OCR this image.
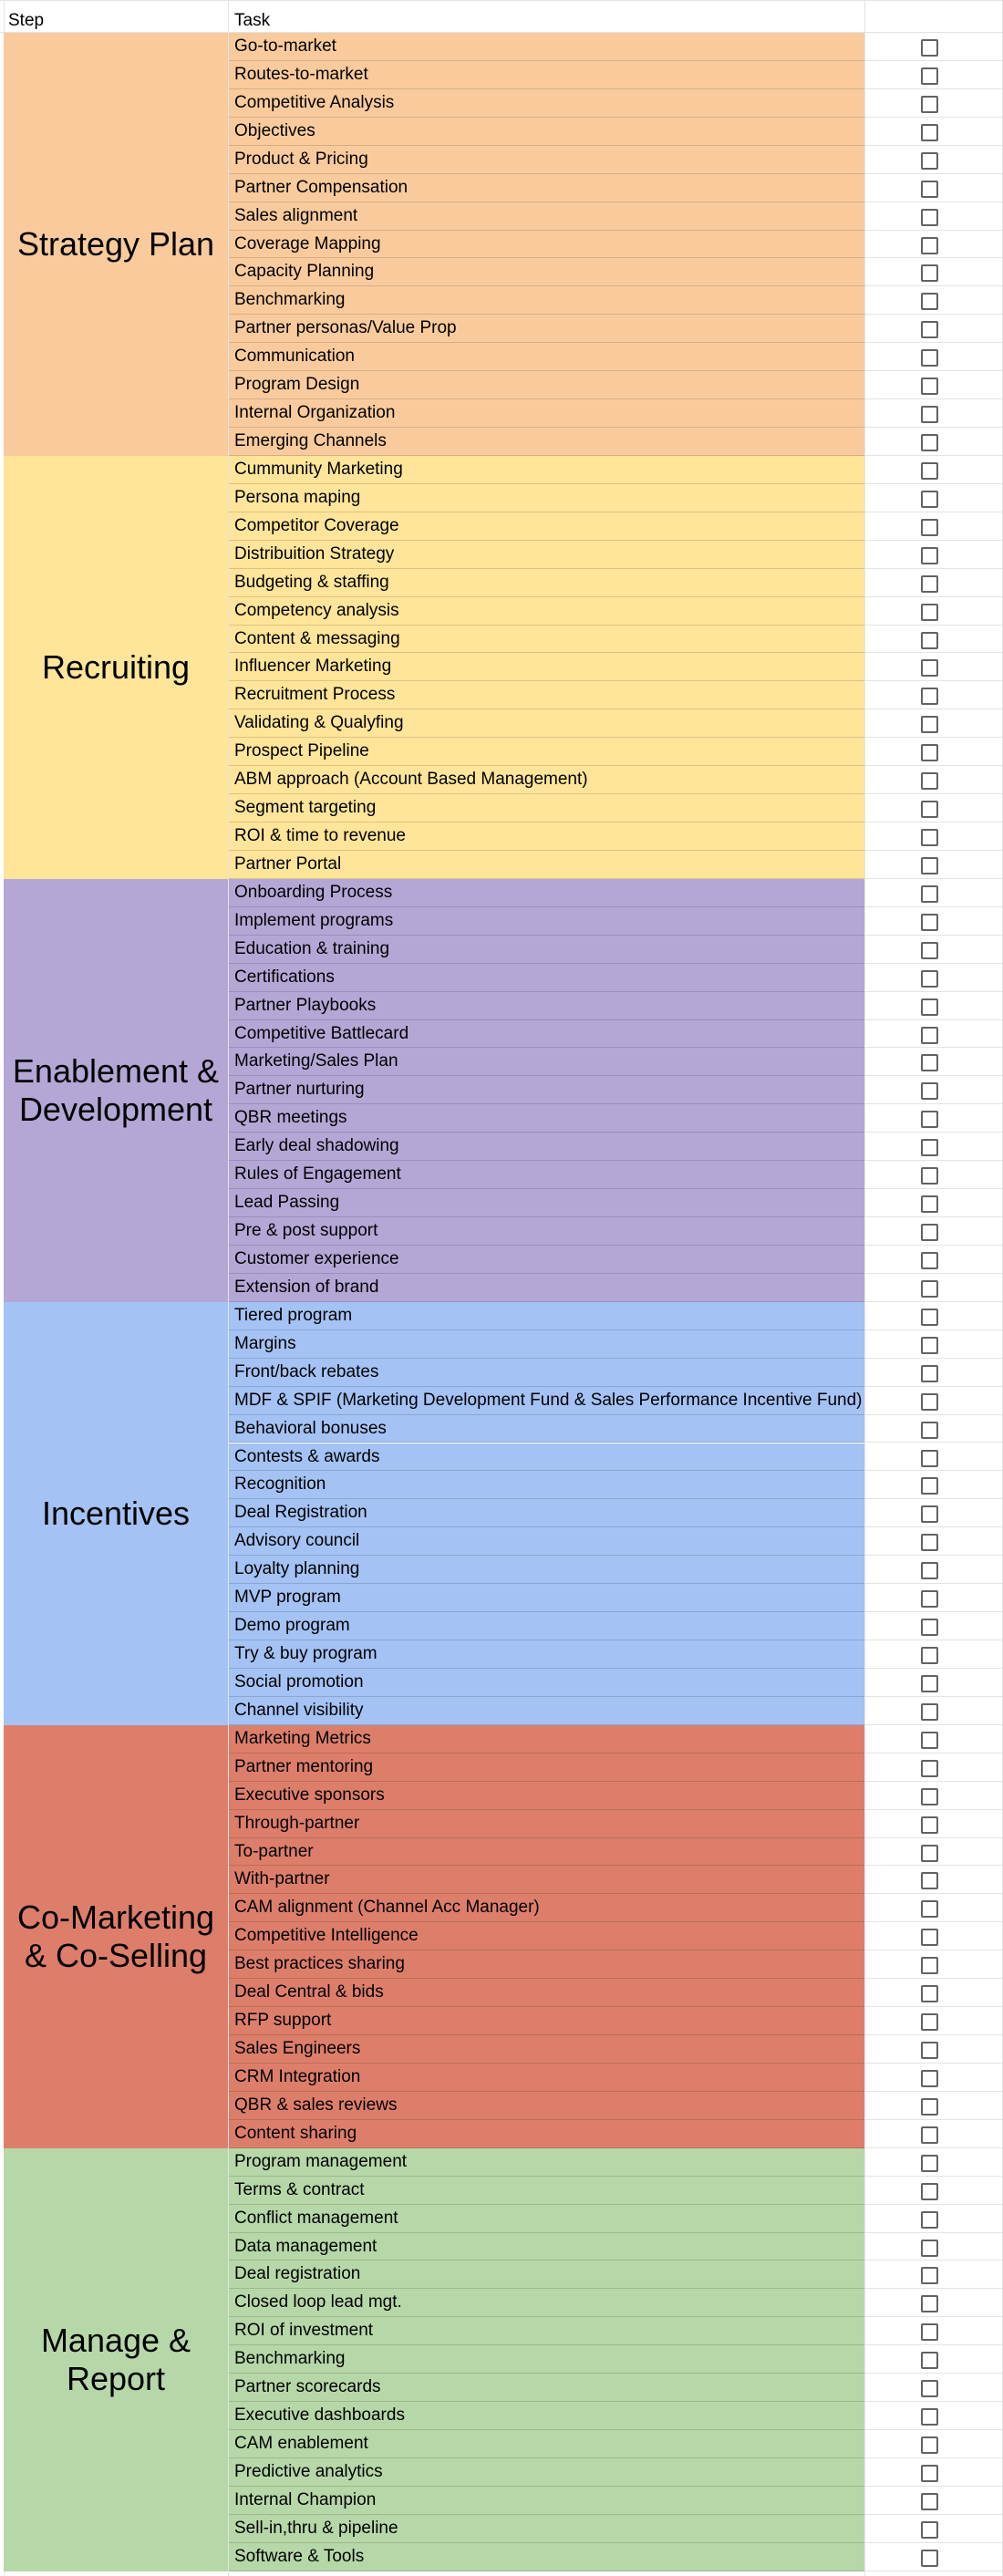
Step	Task
Strategy Plan
Go-to-market
Routes-to-market
Competitive Analysis
Objectives
Product & Pricing
Partner Compensation
Sales alignment
Coverage Mapping
Capacity Planning
Benchmarking
Partner personas/Value Prop
Communication
Program Design
Internal Organization
Emerging Channels
Recruiting
Cummunity Marketing
Persona maping
Competitor Coverage
Distribuition Strategy
Budgeting & staffing
Competency analysis
Content & messaging
Influencer Marketing
Recruitment Process
Validating & Qualyfing
Prospect Pipeline
ABM approach (Account Based Management)
Segment targeting
ROI & time to revenue
Partner Portal
Enablement &
Development
Onboarding Process
Implement programs
Education & training
Certifications
Partner Playbooks
Competitive Battlecard
Marketing/Sales Plan
Partner nurturing
QBR meetings
Early deal shadowing
Rules of Engagement
Lead Passing
Pre & post support
Customer experience
Extension of brand
Incentives
Tiered program
Margins
Front/back rebates
MDF & SPIF (Marketing Development Fund & Sales Performance Incentive Fund)
Behavioral bonuses
Contests & awards
Recognition
Deal Registration
Advisory council
Loyalty planning
MVP program
Demo program
Try & buy program
Social promotion
Channel visibility
Co-Marketing
& Co-Selling
Marketing Metrics
Partner mentoring
Executive sponsors
Through-partner
To-partner
With-partner
CAM alignment (Channel Acc Manager)
Competitive Intelligence
Best practices sharing
Deal Central & bids
RFP support
Sales Engineers
CRM Integration
QBR & sales reviews
Content sharing
Manage &
Report
Program management
Terms & contract
Conflict management
Data management
Deal registration
Closed loop lead mgt.
ROI of investment
Benchmarking
Partner scorecards
Executive dashboards
CAM enablement
Predictive analytics
Internal Champion
Sell-in,thru & pipeline
Software & Tools
